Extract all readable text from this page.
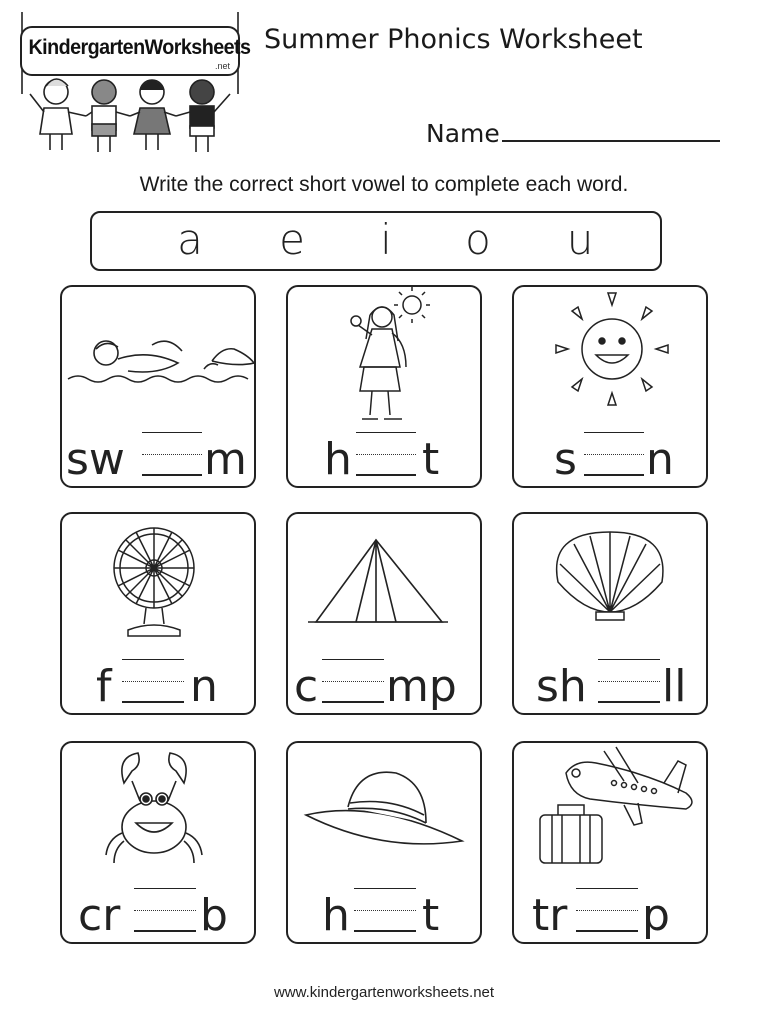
KindergartenWorksheets
.net
Summer Phonics Worksheet
Name
Write the correct short vowel to complete each word.
a e	i	o u
sw m h t	s n
f n c mp sh ll
cr b h t tr p
www.kindergartenworksheets.net
